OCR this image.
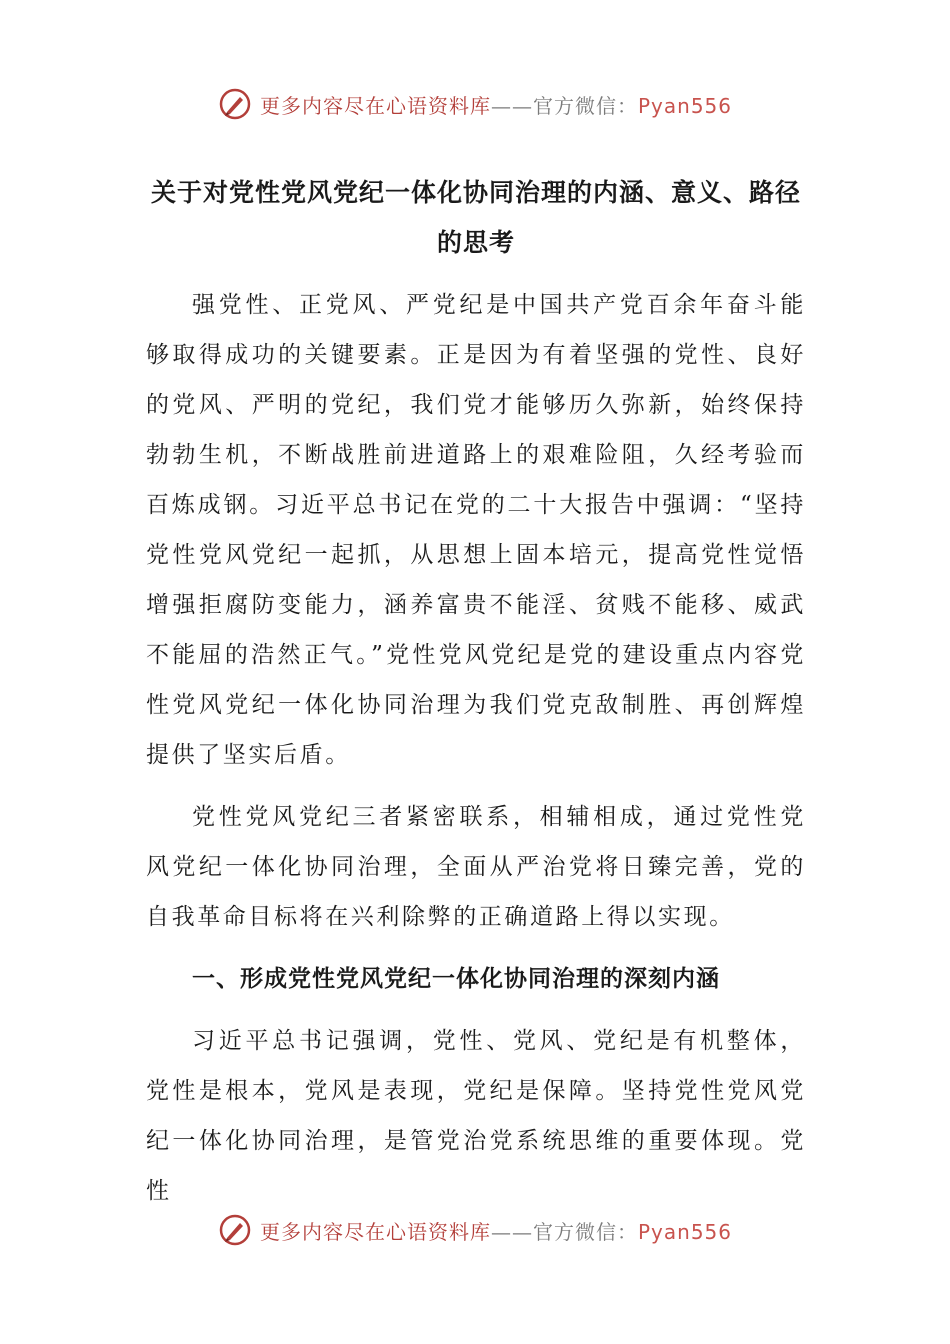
更多内容尽在心语资料库——官方微信：Pyan556
关于对党性党风党纪一体化协同治理的内涵、意义、路径的思考

强党性、正党风、严党纪是中国共产党百余年奋斗能够取得成功的关键要素。正是因为有着坚强的党性、良好的党风、严明的党纪，我们党才能够历久弥新，始终保持勃勃生机，不断战胜前进道路上的艰难险阻，久经考验而百炼成钢。习近平总书记在党的二十大报告中强调：“坚持党性党风党纪一起抓，从思想上固本培元，提高党性觉悟增强拒腐防变能力，涵养富贵不能淫、贫贱不能移、威武不能屈的浩然正气。”党性党风党纪是党的建设重点内容党性党风党纪一体化协同治理为我们党克敌制胜、再创辉煌提供了坚实后盾。

党性党风党纪三者紧密联系，相辅相成，通过党性党风党纪一体化协同治理，全面从严治党将日臻完善，党的自我革命目标将在兴利除弊的正确道路上得以实现。

一、形成党性党风党纪一体化协同治理的深刻内涵

习近平总书记强调，党性、党风、党纪是有机整体，党性是根本，党风是表现，党纪是保障。坚持党性党风党纪一体化协同治理，是管党治党系统思维的重要体现。党性

更多内容尽在心语资料库——官方微信：Pyan556
